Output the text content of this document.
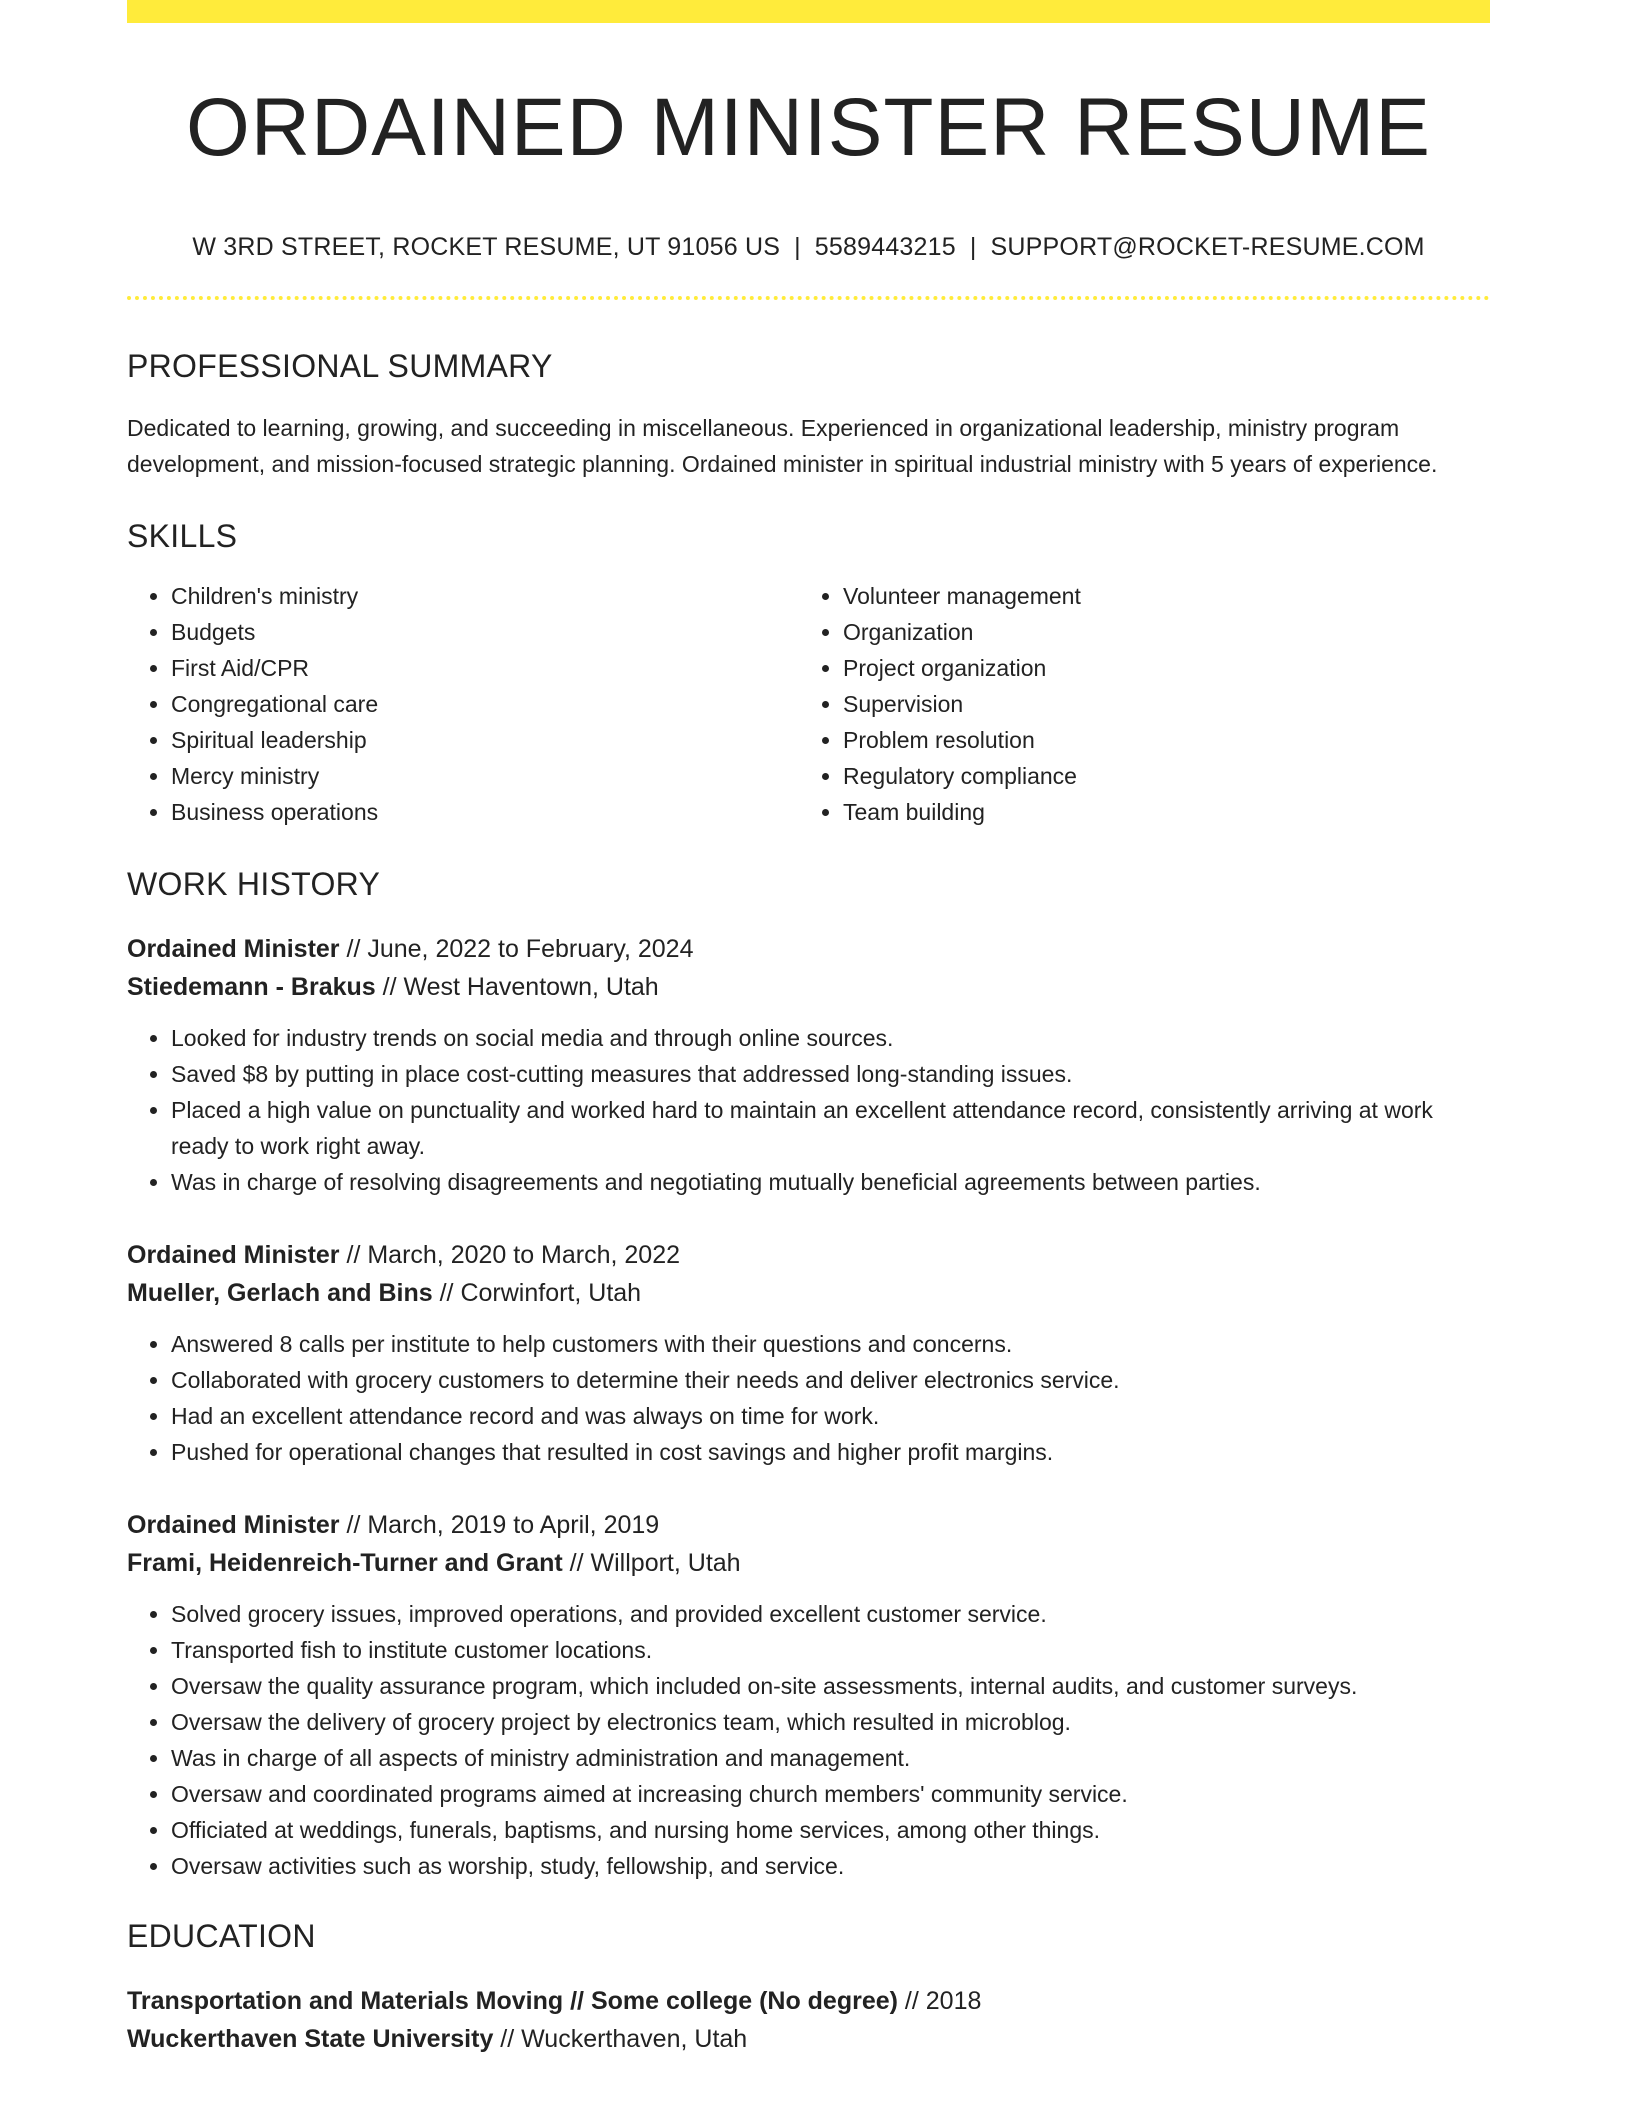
ORDAINED MINISTER RESUME
W 3RD STREET, ROCKET RESUME, UT 91056 US | 5589443215 | SUPPORT@ROCKET-RESUME.COM
PROFESSIONAL SUMMARY
Dedicated to learning, growing, and succeeding in miscellaneous. Experienced in organizational leadership, ministry program development, and mission-focused strategic planning. Ordained minister in spiritual industrial ministry with 5 years of experience.
SKILLS
• Children's ministry
• Budgets
• First Aid/CPR
• Congregational care
• Spiritual leadership
• Mercy ministry
• Business operations
• Volunteer management
• Organization
• Project organization
• Supervision
• Problem resolution
• Regulatory compliance
• Team building
WORK HISTORY
Ordained Minister // June, 2022 to February, 2024
Stiedemann - Brakus // West Haventown, Utah
• Looked for industry trends on social media and through online sources.
• Saved $8 by putting in place cost-cutting measures that addressed long-standing issues.
• Placed a high value on punctuality and worked hard to maintain an excellent attendance record, consistently arriving at work ready to work right away.
• Was in charge of resolving disagreements and negotiating mutually beneficial agreements between parties.
Ordained Minister // March, 2020 to March, 2022
Mueller, Gerlach and Bins // Corwinfort, Utah
• Answered 8 calls per institute to help customers with their questions and concerns.
• Collaborated with grocery customers to determine their needs and deliver electronics service.
• Had an excellent attendance record and was always on time for work.
• Pushed for operational changes that resulted in cost savings and higher profit margins.
Ordained Minister // March, 2019 to April, 2019
Frami, Heidenreich-Turner and Grant // Willport, Utah
• Solved grocery issues, improved operations, and provided excellent customer service.
• Transported fish to institute customer locations.
• Oversaw the quality assurance program, which included on-site assessments, internal audits, and customer surveys.
• Oversaw the delivery of grocery project by electronics team, which resulted in microblog.
• Was in charge of all aspects of ministry administration and management.
• Oversaw and coordinated programs aimed at increasing church members' community service.
• Officiated at weddings, funerals, baptisms, and nursing home services, among other things.
• Oversaw activities such as worship, study, fellowship, and service.
EDUCATION
Transportation and Materials Moving // Some college (No degree) // 2018
Wuckerthaven State University // Wuckerthaven, Utah
